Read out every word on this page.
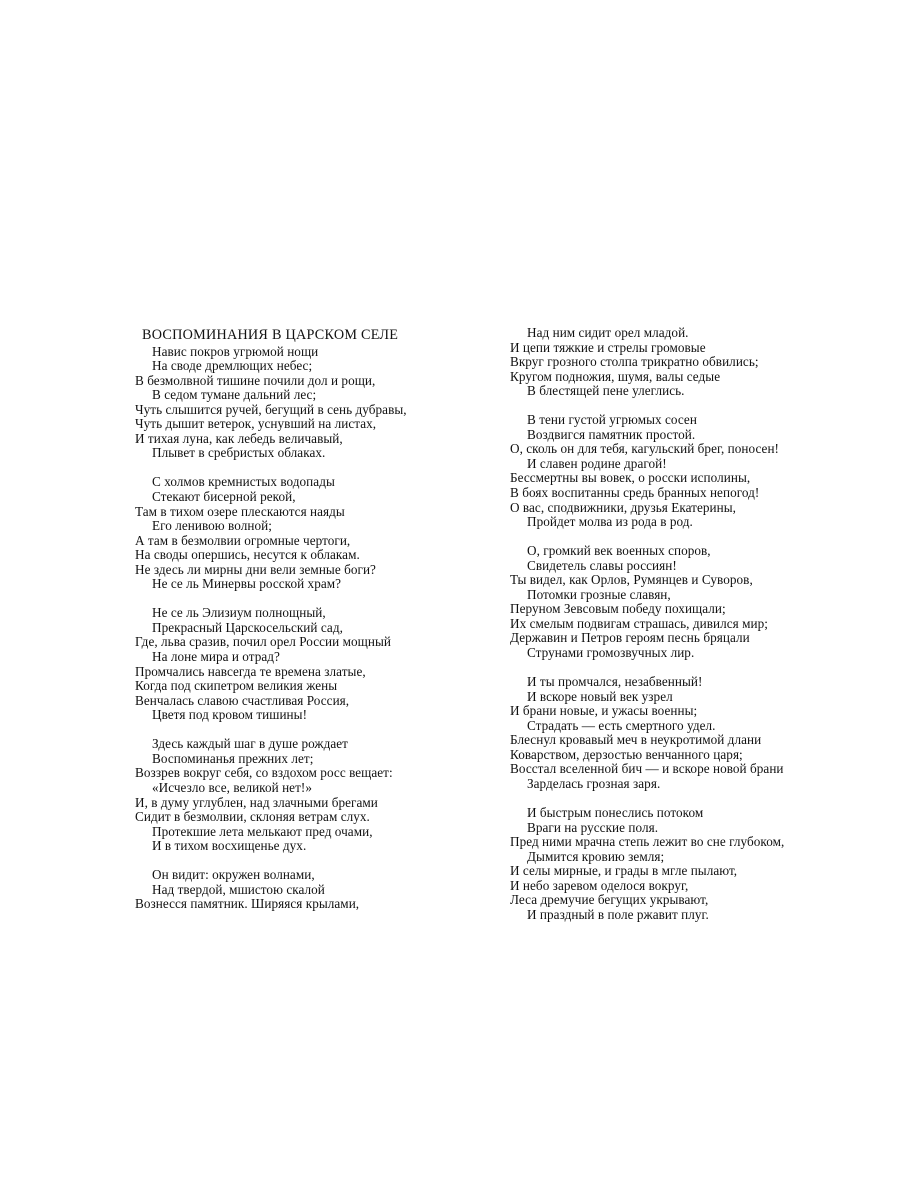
ВОСПОМИНАНИЯ В ЦАРСКОМ СЕЛЕ
Навис покров угрюмой нощи
На своде дремлющих небес;
В безмолвной тишине почили дол и рощи,
В седом тумане дальний лес;
Чуть слышится ручей, бегущий в сень дубравы,
Чуть дышит ветерок, уснувший на листах,
И тихая луна, как лебедь величавый,
Плывет в сребристых облаках.
С холмов кремнистых водопады
Стекают бисерной рекой,
Там в тихом озере плескаются наяды
Его ленивою волной;
А там в безмолвии огромные чертоги,
На своды опершись, несутся к облакам.
Не здесь ли мирны дни вели земные боги?
Не се ль Минервы росской храм?
Не се ль Элизиум полнощный,
Прекрасный Царскосельский сад,
Где, льва сразив, почил орел России мощный
На лоне мира и отрад?
Промчались навсегда те времена златые,
Когда под скипетром великия жены
Венчалась славою счастливая Россия,
Цветя под кровом тишины!
Здесь каждый шаг в душе рождает
Воспоминанья прежних лет;
Воззрев вокруг себя, со вздохом росс вещает:
«Исчезло все, великой нет!»
И, в думу углублен, над злачными брегами
Сидит в безмолвии, склоняя ветрам слух.
Протекшие лета мелькают пред очами,
И в тихом восхищенье дух.
Он видит: окружен волнами,
Над твердой, мшистою скалой
Вознесся памятник. Ширяяся крылами,
Над ним сидит орел младой.
И цепи тяжкие и стрелы громовые
Вкруг грозного столпа трикратно обвились;
Кругом подножия, шумя, валы седые
В блестящей пене улеглись.
В тени густой угрюмых сосен
Воздвигся памятник простой.
О, сколь он для тебя, кагульский брег, поносен!
И славен родине драгой!
Бессмертны вы вовек, о росски исполины,
В боях воспитанны средь бранных непогод!
О вас, сподвижники, друзья Екатерины,
Пройдет молва из рода в род.
О, громкий век военных споров,
Свидетель славы россиян!
Ты видел, как Орлов, Румянцев и Суворов,
Потомки грозные славян,
Перуном Зевсовым победу похищали;
Их смелым подвигам страшась, дивился мир;
Державин и Петров героям песнь бряцали
Струнами громозвучных лир.
И ты промчался, незабвенный!
И вскоре новый век узрел
И брани новые, и ужасы военны;
Страдать — есть смертного удел.
Блеснул кровавый меч в неукротимой длани
Коварством, дерзостью венчанного царя;
Восстал вселенной бич — и вскоре новой брани
Зарделась грозная заря.
И быстрым понеслись потоком
Враги на русские поля.
Пред ними мрачна степь лежит во сне глубоком,
Дымится кровию земля;
И селы мирные, и грады в мгле пылают,
И небо заревом оделося вокруг,
Леса дремучие бегущих укрывают,
И праздный в поле ржавит плуг.
